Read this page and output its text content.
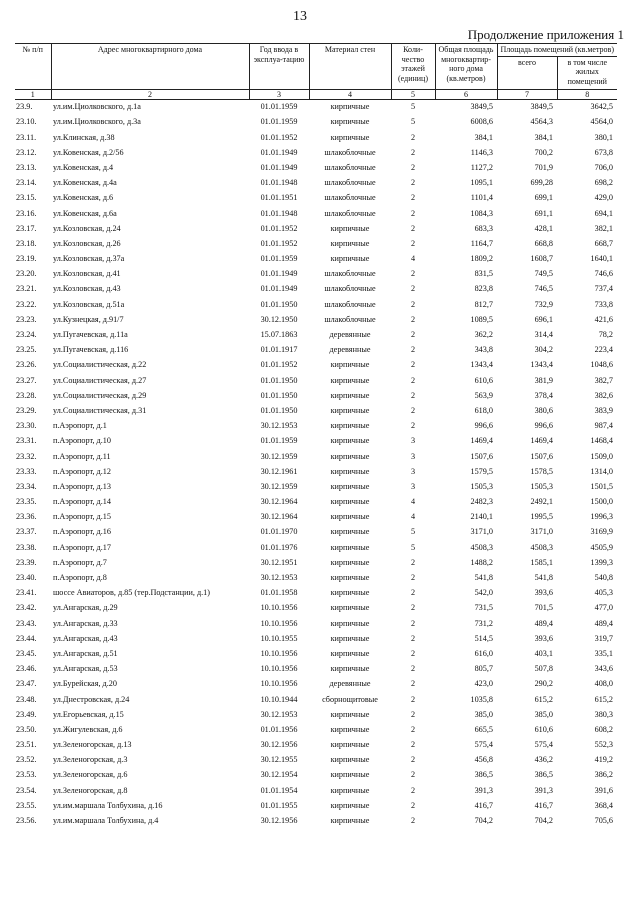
13
Продолжение приложения 1
№ п/п	Адрес многоквартирного дома	Год ввода в эксплуа-тацию	Материал стен	Коли-чество этажей (единиц)	Общая площадь многоквартир-ного дома (кв.метров)	Площадь помещений (кв.метров)	
						всего	в том числе жилых помещений
1	2	3	4	5	6	7	8
23.9.	ул.им.Циолковского, д.1а	01.01.1959	кирпичные	5	3849,5	3849,5	3642,5
23.10.	ул.им.Циолковского, д.3а	01.01.1959	кирпичные	5	6008,6	4564,3	4564,0
23.11.	ул.Клинская, д.38	01.01.1952	кирпичные	2	384,1	384,1	380,1
23.12.	ул.Ковенская, д.2/56	01.01.1949	шлакоблочные	2	1146,3	700,2	673,8
23.13.	ул.Ковенская, д.4	01.01.1949	шлакоблочные	2	1127,2	701,9	706,0
23.14.	ул.Ковенская, д.4а	01.01.1948	шлакоблочные	2	1095,1	699,28	698,2
23.15.	ул.Ковенская, д.6	01.01.1951	шлакоблочные	2	1101,4	699,1	429,0
23.16.	ул.Ковенская, д.6а	01.01.1948	шлакоблочные	2	1084,3	691,1	694,1
23.17.	ул.Козловская, д.24	01.01.1952	кирпичные	2	683,3	428,1	382,1
23.18.	ул.Козловская, д.26	01.01.1952	кирпичные	2	1164,7	668,8	668,7
23.19.	ул.Козловская, д.37а	01.01.1959	кирпичные	4	1809,2	1608,7	1640,1
23.20.	ул.Козловская, д.41	01.01.1949	шлакоблочные	2	831,5	749,5	746,6
23.21.	ул.Козловская, д.43	01.01.1949	шлакоблочные	2	823,8	746,5	737,4
23.22.	ул.Козловская, д.51а	01.01.1950	шлакоблочные	2	812,7	732,9	733,8
23.23.	ул.Кузнецкая, д.91/7	30.12.1950	шлакоблочные	2	1089,5	696,1	421,6
23.24.	ул.Пугачевская, д.11а	15.07.1863	деревянные	2	362,2	314,4	78,2
23.25.	ул.Пугачевская, д.116	01.01.1917	деревянные	2	343,8	304,2	223,4
23.26.	ул.Социалистическая, д.22	01.01.1952	кирпичные	2	1343,4	1343,4	1048,6
23.27.	ул.Социалистическая, д.27	01.01.1950	кирпичные	2	610,6	381,9	382,7
23.28.	ул.Социалистическая, д.29	01.01.1950	кирпичные	2	563,9	378,4	382,6
23.29.	ул.Социалистическая, д.31	01.01.1950	кирпичные	2	618,0	380,6	383,9
23.30.	п.Аэропорт, д.1	30.12.1953	кирпичные	2	996,6	996,6	987,4
23.31.	п.Аэропорт, д.10	01.01.1959	кирпичные	3	1469,4	1469,4	1468,4
23.32.	п.Аэропорт, д.11	30.12.1959	кирпичные	3	1507,6	1507,6	1509,0
23.33.	п.Аэропорт, д.12	30.12.1961	кирпичные	3	1579,5	1578,5	1314,0
23.34.	п.Аэропорт, д.13	30.12.1959	кирпичные	3	1505,3	1505,3	1501,5
23.35.	п.Аэропорт, д.14	30.12.1964	кирпичные	4	2482,3	2492,1	1500,0
23.36.	п.Аэропорт, д.15	30.12.1964	кирпичные	4	2140,1	1995,5	1996,3
23.37.	п.Аэропорт, д.16	01.01.1970	кирпичные	5	3171,0	3171,0	3169,9
23.38.	п.Аэропорт, д.17	01.01.1976	кирпичные	5	4508,3	4508,3	4505,9
23.39.	п.Аэропорт, д.7	30.12.1951	кирпичные	2	1488,2	1585,1	1399,3
23.40.	п.Аэропорт, д.8	30.12.1953	кирпичные	2	541,8	541,8	540,8
23.41.	шоссе Авиаторов, д.85 (тер.Подстанции, д.1)	01.01.1958	кирпичные	2	542,0	393,6	405,3
23.42.	ул.Ангарская, д.29	10.10.1956	кирпичные	2	731,5	701,5	477,0
23.43.	ул.Ангарская, д.33	10.10.1956	кирпичные	2	731,2	489,4	489,4
23.44.	ул.Ангарская, д.43	10.10.1955	кирпичные	2	514,5	393,6	319,7
23.45.	ул.Ангарская, д.51	10.10.1956	кирпичные	2	616,0	403,1	335,1
23.46.	ул.Ангарская, д.53	10.10.1956	кирпичные	2	805,7	507,8	343,6
23.47.	ул.Бурейская, д.20	10.10.1956	деревянные	2	423,0	290,2	408,0
23.48.	ул.Днестровская, д.24	10.10.1944	сборнощитовые	2	1035,8	615,2	615,2
23.49.	ул.Егорьевская, д.15	30.12.1953	кирпичные	2	385,0	385,0	380,3
23.50.	ул.Жигулевская, д.6	01.01.1956	кирпичные	2	665,5	610,6	608,2
23.51.	ул.Зеленогорская, д.13	30.12.1956	кирпичные	2	575,4	575,4	552,3
23.52.	ул.Зеленогорская, д.3	30.12.1955	кирпичные	2	456,8	436,2	419,2
23.53.	ул.Зеленогорская, д.6	30.12.1954	кирпичные	2	386,5	386,5	386,2
23.54.	ул.Зеленогорская, д.8	01.01.1954	кирпичные	2	391,3	391,3	391,6
23.55.	ул.им.маршала Толбухина, д.16	01.01.1955	кирпичные	2	416,7	416,7	368,4
23.56.	ул.им.маршала Толбухина, д.4	30.12.1956	кирпичные	2	704,2	704,2	705,6
